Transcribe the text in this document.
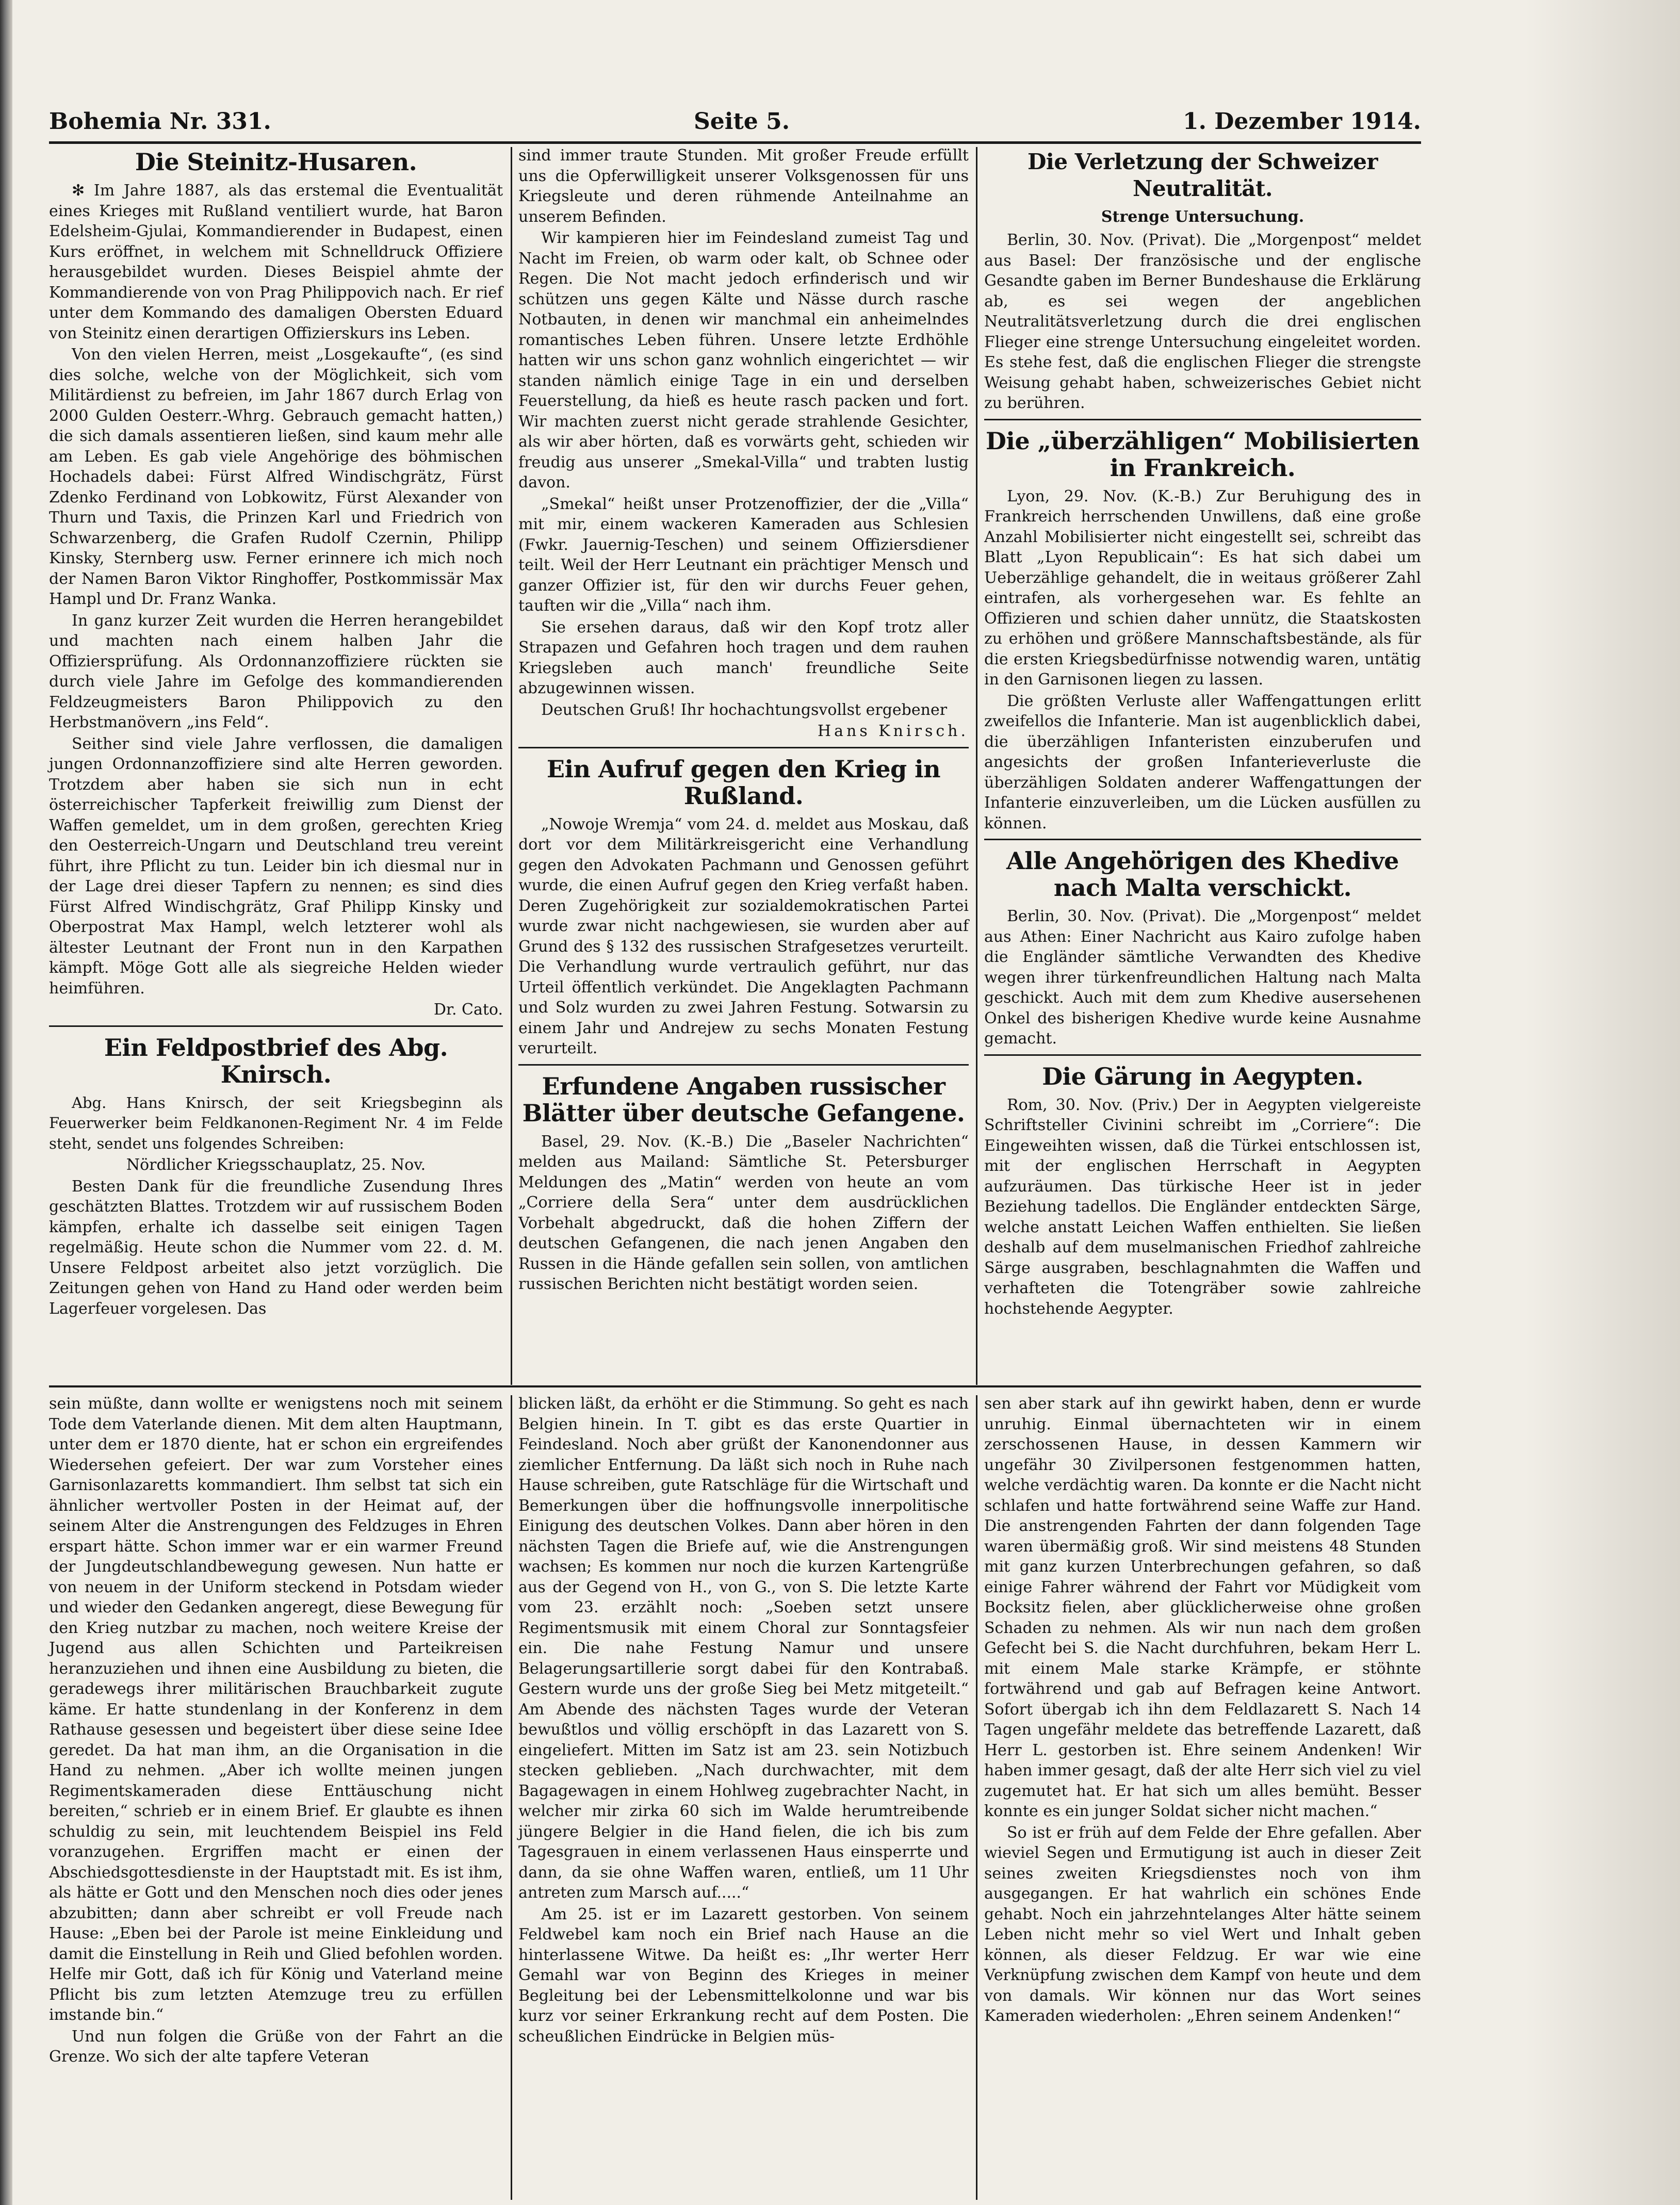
Bohemia Nr. 331.	Seite 5.	1. Dezember 1914.
Die Steinitz-Husaren.

✻ Im Jahre 1887, als das erstemal die Eventualität eines Krieges mit Rußland ventiliert wurde, hat Baron Edelsheim-Gjulai, Kommandierender in Budapest, einen Kurs eröffnet, in welchem mit Schnelldruck Offiziere herausgebildet wurden. Dieses Beispiel ahmte der Kommandierende von von Prag Philippovich nach. Er rief unter dem Kommando des damaligen Obersten Eduard von Steinitz einen derartigen Offizierskurs ins Leben.

Von den vielen Herren, meist „Losgekaufte“, (es sind dies solche, welche von der Möglichkeit, sich vom Militärdienst zu befreien, im Jahr 1867 durch Erlag von 2000 Gulden Oesterr.-Whrg. Gebrauch gemacht hatten,) die sich damals assentieren ließen, sind kaum mehr alle am Leben. Es gab viele Angehörige des böhmischen Hochadels dabei: Fürst Alfred Windischgrätz, Fürst Zdenko Ferdinand von Lobkowitz, Fürst Alexander von Thurn und Taxis, die Prinzen Karl und Friedrich von Schwarzenberg, die Grafen Rudolf Czernin, Philipp Kinsky, Sternberg usw. Ferner erinnere ich mich noch der Namen Baron Viktor Ringhoffer, Postkommissär Max Hampl und Dr. Franz Wanka.

In ganz kurzer Zeit wurden die Herren herangebildet und machten nach einem halben Jahr die Offiziersprüfung. Als Ordonnanzoffiziere rückten sie durch viele Jahre im Gefolge des kommandierenden Feldzeugmeisters Baron Philippovich zu den Herbstmanövern „ins Feld“.

Seither sind viele Jahre verflossen, die damaligen jungen Ordonnanzoffiziere sind alte Herren geworden. Trotzdem aber haben sie sich nun in echt österreichischer Tapferkeit freiwillig zum Dienst der Waffen gemeldet, um in dem großen, gerechten Krieg den Oesterreich-Ungarn und Deutschland treu vereint führt, ihre Pflicht zu tun. Leider bin ich diesmal nur in der Lage drei dieser Tapfern zu nennen; es sind dies Fürst Alfred Windischgrätz, Graf Philipp Kinsky und Oberpostrat Max Hampl, welch letzterer wohl als ältester Leutnant der Front nun in den Karpathen kämpft. Möge Gott alle als siegreiche Helden wieder heimführen.

Dr. Cato.

Ein Feldpostbrief des Abg. Knirsch.

Abg. Hans Knirsch, der seit Kriegsbeginn als Feuerwerker beim Feldkanonen-Regiment Nr. 4 im Felde steht, sendet uns folgendes Schreiben:

Nördlicher Kriegsschauplatz, 25. Nov.

Besten Dank für die freundliche Zusendung Ihres geschätzten Blattes. Trotzdem wir auf russischem Boden kämpfen, erhalte ich dasselbe seit einigen Tagen regelmäßig. Heute schon die Nummer vom 22. d. M. Unsere Feldpost arbeitet also jetzt vorzüglich. Die Zeitungen gehen von Hand zu Hand oder werden beim Lagerfeuer vorgelesen. Das

sind immer traute Stunden. Mit großer Freude erfüllt uns die Opferwilligkeit unserer Volksgenossen für uns Kriegsleute und deren rühmende Anteilnahme an unserem Befinden.

Wir kampieren hier im Feindesland zumeist Tag und Nacht im Freien, ob warm oder kalt, ob Schnee oder Regen. Die Not macht jedoch erfinderisch und wir schützen uns gegen Kälte und Nässe durch rasche Notbauten, in denen wir manchmal ein anheimelndes romantisches Leben führen. Unsere letzte Erdhöhle hatten wir uns schon ganz wohnlich eingerichtet — wir standen nämlich einige Tage in ein und derselben Feuerstellung, da hieß es heute rasch packen und fort. Wir machten zuerst nicht gerade strahlende Gesichter, als wir aber hörten, daß es vorwärts geht, schieden wir freudig aus unserer „Smekal-Villa“ und trabten lustig davon.

„Smekal“ heißt unser Protzenoffizier, der die „Villa“ mit mir, einem wackeren Kameraden aus Schlesien (Fwkr. Jauernig-Teschen) und seinem Offiziersdiener teilt. Weil der Herr Leutnant ein prächtiger Mensch und ganzer Offizier ist, für den wir durchs Feuer gehen, tauften wir die „Villa“ nach ihm.

Sie ersehen daraus, daß wir den Kopf trotz aller Strapazen und Gefahren hoch tragen und dem rauhen Kriegsleben auch manch' freundliche Seite abzugewinnen wissen.

Deutschen Gruß! Ihr hochachtungsvollst ergebener

Hans Knirsch.

Ein Aufruf gegen den Krieg in Rußland.

„Nowoje Wremja“ vom 24. d. meldet aus Moskau, daß dort vor dem Militärkreisgericht eine Verhandlung gegen den Advokaten Pachmann und Genossen geführt wurde, die einen Aufruf gegen den Krieg verfaßt haben. Deren Zugehörigkeit zur sozialdemokratischen Partei wurde zwar nicht nachgewiesen, sie wurden aber auf Grund des § 132 des russischen Strafgesetzes verurteilt. Die Verhandlung wurde vertraulich geführt, nur das Urteil öffentlich verkündet. Die Angeklagten Pachmann und Solz wurden zu zwei Jahren Festung. Sotwarsin zu einem Jahr und Andrejew zu sechs Monaten Festung verurteilt.

Erfundene Angaben russischer Blätter über deutsche Gefangene.

Basel, 29. Nov. (K.-B.) Die „Baseler Nachrichten“ melden aus Mailand: Sämtliche St. Petersburger Meldungen des „Matin“ werden von heute an vom „Corriere della Sera“ unter dem ausdrücklichen Vorbehalt abgedruckt, daß die hohen Ziffern der deutschen Gefangenen, die nach jenen Angaben den Russen in die Hände gefallen sein sollen, von amtlichen russischen Berichten nicht bestätigt worden seien.

Die Verletzung der Schweizer Neutralität.
Strenge Untersuchung.

Berlin, 30. Nov. (Privat). Die „Morgenpost“ meldet aus Basel: Der französische und der englische Gesandte gaben im Berner Bundeshause die Erklärung ab, es sei wegen der angeblichen Neutralitätsverletzung durch die drei englischen Flieger eine strenge Untersuchung eingeleitet worden. Es stehe fest, daß die englischen Flieger die strengste Weisung gehabt haben, schweizerisches Gebiet nicht zu berühren.

Die „überzähligen“ Mobilisierten in Frankreich.

Lyon, 29. Nov. (K.-B.) Zur Beruhigung des in Frankreich herrschenden Unwillens, daß eine große Anzahl Mobilisierter nicht eingestellt sei, schreibt das Blatt „Lyon Republicain“: Es hat sich dabei um Ueberzählige gehandelt, die in weitaus größerer Zahl eintrafen, als vorhergesehen war. Es fehlte an Offizieren und schien daher unnütz, die Staatskosten zu erhöhen und größere Mannschaftsbestände, als für die ersten Kriegsbedürfnisse notwendig waren, untätig in den Garnisonen liegen zu lassen.

Die größten Verluste aller Waffengattungen erlitt zweifellos die Infanterie. Man ist augenblicklich dabei, die überzähligen Infanteristen einzuberufen und angesichts der großen Infanterieverluste die überzähligen Soldaten anderer Waffengattungen der Infanterie einzuverleiben, um die Lücken ausfüllen zu können.

Alle Angehörigen des Khedive nach Malta verschickt.

Berlin, 30. Nov. (Privat). Die „Morgenpost“ meldet aus Athen: Einer Nachricht aus Kairo zufolge haben die Engländer sämtliche Verwandten des Khedive wegen ihrer türkenfreundlichen Haltung nach Malta geschickt. Auch mit dem zum Khedive ausersehenen Onkel des bisherigen Khedive wurde keine Ausnahme gemacht.

Die Gärung in Aegypten.

Rom, 30. Nov. (Priv.) Der in Aegypten vielgereiste Schriftsteller Civinini schreibt im „Corriere“: Die Eingeweihten wissen, daß die Türkei entschlossen ist, mit der englischen Herrschaft in Aegypten aufzuräumen. Das türkische Heer ist in jeder Beziehung tadellos. Die Engländer entdeckten Särge, welche anstatt Leichen Waffen enthielten. Sie ließen deshalb auf dem muselmanischen Friedhof zahlreiche Särge ausgraben, beschlagnahmten die Waffen und verhafteten die Totengräber sowie zahlreiche hochstehende Aegypter.

sein müßte, dann wollte er wenigstens noch mit seinem Tode dem Vaterlande dienen. Mit dem alten Hauptmann, unter dem er 1870 diente, hat er schon ein ergreifendes Wiedersehen gefeiert. Der war zum Vorsteher eines Garnisonlazaretts kommandiert. Ihm selbst tat sich ein ähnlicher wertvoller Posten in der Heimat auf, der seinem Alter die Anstrengungen des Feldzuges in Ehren erspart hätte. Schon immer war er ein warmer Freund der Jungdeutschlandbewegung gewesen. Nun hatte er von neuem in der Uniform steckend in Potsdam wieder und wieder den Gedanken angeregt, diese Bewegung für den Krieg nutzbar zu machen, noch weitere Kreise der Jugend aus allen Schichten und Parteikreisen heranzuziehen und ihnen eine Ausbildung zu bieten, die geradewegs ihrer militärischen Brauchbarkeit zugute käme. Er hatte stundenlang in der Konferenz in dem Rathause gesessen und begeistert über diese seine Idee geredet. Da hat man ihm, an die Organisation in die Hand zu nehmen. „Aber ich wollte meinen jungen Regimentskameraden diese Enttäuschung nicht bereiten,“ schrieb er in einem Brief. Er glaubte es ihnen schuldig zu sein, mit leuchtendem Beispiel ins Feld voranzugehen. Ergriffen macht er einen der Abschiedsgottesdienste in der Hauptstadt mit. Es ist ihm, als hätte er Gott und den Menschen noch dies oder jenes abzubitten; dann aber schreibt er voll Freude nach Hause: „Eben bei der Parole ist meine Einkleidung und damit die Einstellung in Reih und Glied befohlen worden. Helfe mir Gott, daß ich für König und Vaterland meine Pflicht bis zum letzten Atemzuge treu zu erfüllen imstande bin.“

Und nun folgen die Grüße von der Fahrt an die Grenze. Wo sich der alte tapfere Veteran

blicken läßt, da erhöht er die Stimmung. So geht es nach Belgien hinein. In T. gibt es das erste Quartier in Feindesland. Noch aber grüßt der Kanonendonner aus ziemlicher Entfernung. Da läßt sich noch in Ruhe nach Hause schreiben, gute Ratschläge für die Wirtschaft und Bemerkungen über die hoffnungsvolle innerpolitische Einigung des deutschen Volkes. Dann aber hören in den nächsten Tagen die Briefe auf, wie die Anstrengungen wachsen; Es kommen nur noch die kurzen Kartengrüße aus der Gegend von H., von G., von S. Die letzte Karte vom 23. erzählt noch: „Soeben setzt unsere Regimentsmusik mit einem Choral zur Sonntagsfeier ein. Die nahe Festung Namur und unsere Belagerungsartillerie sorgt dabei für den Kontrabaß. Gestern wurde uns der große Sieg bei Metz mitgeteilt.“ Am Abende des nächsten Tages wurde der Veteran bewußtlos und völlig erschöpft in das Lazarett von S. eingeliefert. Mitten im Satz ist am 23. sein Notizbuch stecken geblieben. „Nach durchwachter, mit dem Bagagewagen in einem Hohlweg zugebrachter Nacht, in welcher mir zirka 60 sich im Walde herumtreibende jüngere Belgier in die Hand fielen, die ich bis zum Tagesgrauen in einem verlassenen Haus einsperrte und dann, da sie ohne Waffen waren, entließ, um 11 Uhr antreten zum Marsch auf.....“

Am 25. ist er im Lazarett gestorben. Von seinem Feldwebel kam noch ein Brief nach Hause an die hinterlassene Witwe. Da heißt es: „Ihr werter Herr Gemahl war von Beginn des Krieges in meiner Begleitung bei der Lebensmittelkolonne und war bis kurz vor seiner Erkrankung recht auf dem Posten. Die scheußlichen Eindrücke in Belgien müs-

sen aber stark auf ihn gewirkt haben, denn er wurde unruhig. Einmal übernachteten wir in einem zerschossenen Hause, in dessen Kammern wir ungefähr 30 Zivilpersonen festgenommen hatten, welche verdächtig waren. Da konnte er die Nacht nicht schlafen und hatte fortwährend seine Waffe zur Hand. Die anstrengenden Fahrten der dann folgenden Tage waren übermäßig groß. Wir sind meistens 48 Stunden mit ganz kurzen Unterbrechungen gefahren, so daß einige Fahrer während der Fahrt vor Müdigkeit vom Bocksitz fielen, aber glücklicherweise ohne großen Schaden zu nehmen. Als wir nun nach dem großen Gefecht bei S. die Nacht durchfuhren, bekam Herr L. mit einem Male starke Krämpfe, er stöhnte fortwährend und gab auf Befragen keine Antwort. Sofort übergab ich ihn dem Feldlazarett S. Nach 14 Tagen ungefähr meldete das betreffende Lazarett, daß Herr L. gestorben ist. Ehre seinem Andenken! Wir haben immer gesagt, daß der alte Herr sich viel zu viel zugemutet hat. Er hat sich um alles bemüht. Besser konnte es ein junger Soldat sicher nicht machen.“

So ist er früh auf dem Felde der Ehre gefallen. Aber wieviel Segen und Ermutigung ist auch in dieser Zeit seines zweiten Kriegsdienstes noch von ihm ausgegangen. Er hat wahrlich ein schönes Ende gehabt. Noch ein jahrzehntelanges Alter hätte seinem Leben nicht mehr so viel Wert und Inhalt geben können, als dieser Feldzug. Er war wie eine Verknüpfung zwischen dem Kampf von heute und dem von damals. Wir können nur das Wort seines Kameraden wiederholen: „Ehren seinem Andenken!“
